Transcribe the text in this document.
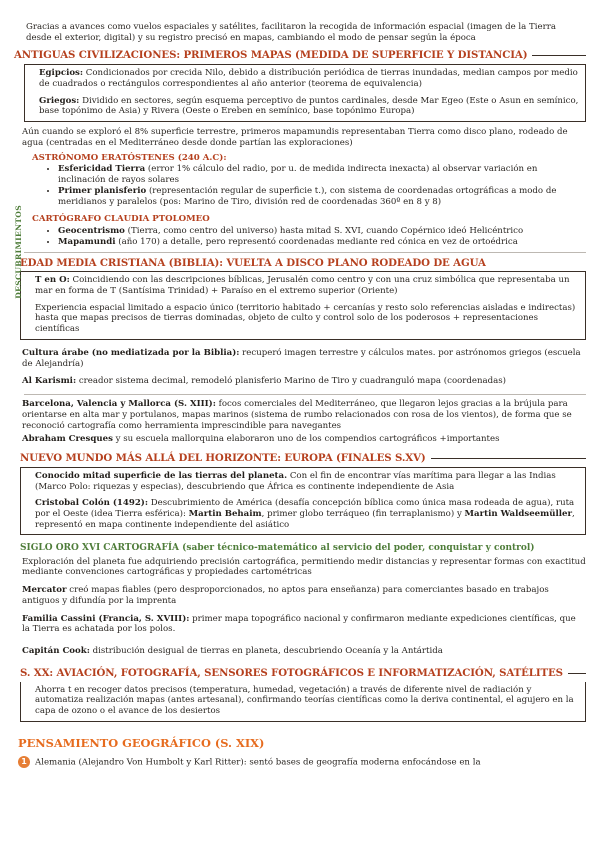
Gracias a avances como vuelos espaciales y satélites, facilitaron la recogida de información espacial (imagen de la Tierra desde el exterior, digital) y su registro precisó en mapas, cambiando el modo de pensar según la época

ANTIGUAS CIVILIZACIONES: PRIMEROS MAPAS (MEDIDA DE SUPERFICIE Y DISTANCIA)

Egipcios: Condicionados por crecida Nilo, debido a distribución periódica de tierras inundadas, median campos por medio de cuadrados o rectángulos correspondientes al año anterior (teorema de equivalencia)

Griegos: Dividido en sectores, según esquema perceptivo de puntos cardinales, desde Mar Egeo (Este o Asun en semínico, base topónimo de Asia) y Rivera (Oeste o Ereben en semínico, base topónimo Europa)

Aún cuando se exploró el 8% superficie terrestre, primeros mapamundis representaban Tierra como disco plano, rodeado de agua (centradas en el Mediterráneo desde donde partían las exploraciones)

DESCUBRIMIENTOS
ASTRÓNOMO ERATÓSTENES (240 A.C):
• Esfericidad Tierra (error 1% cálculo del radio, por u. de medida indirecta inexacta) al observar variación en inclinación de rayos solares
• Primer planisferio (representación regular de superficie t.), con sistema de coordenadas ortográficas a modo de meridianos y paralelos (pos: Marino de Tiro, división red de coordenadas 360º en 8 y 8)
CARTÓGRAFO CLAUDIA PTOLOMEO
• Geocentrismo (Tierra, como centro del universo) hasta mitad S. XVI, cuando Copérnico ideó Helicéntrico
• Mapamundi (año 170) a detalle, pero representó coordenadas mediante red cónica en vez de ortoédrica
EDAD MEDIA CRISTIANA (BIBLIA): VUELTA A DISCO PLANO RODEADO DE AGUA

T en O: Coincidiendo con las descripciones bíblicas, Jerusalén como centro y con una cruz simbólica que representaba un mar en forma de T (Santísima Trinidad) + Paraíso en el extremo superior (Oriente)

Experiencia espacial limitado a espacio único (territorio habitado + cercanías y resto solo referencias aisladas e indirectas) hasta que mapas precisos de tierras dominadas, objeto de culto y control solo de los poderosos + representaciones científicas

Cultura árabe (no mediatizada por la Biblia): recuperó imagen terrestre y cálculos mates. por astrónomos griegos (escuela de Alejandría)

Al Karismi: creador sistema decimal, remodeló planisferio Marino de Tiro y cuadranguló mapa (coordenadas)

Barcelona, Valencia y Mallorca (S. XIII): focos comerciales del Mediterráneo, que llegaron lejos gracias a la brújula para orientarse en alta mar y portulanos, mapas marinos (sistema de rumbo relacionados con rosa de los vientos), de forma que se reconoció cartografía como herramienta imprescindible para navegantes

Abraham Cresques y su escuela mallorquina elaboraron uno de los compendios cartográficos +importantes

NUEVO MUNDO MÁS ALLÁ DEL HORIZONTE: EUROPA (FINALES S.XV)

Conocido mitad superficie de las tierras del planeta. Con el fin de encontrar vías marítima para llegar a las Indias (Marco Polo: riquezas y especias), descubriendo que África es continente independiente de Asia

Cristobal Colón (1492): Descubrimiento de América (desafía concepción bíblica como única masa rodeada de agua), ruta por el Oeste (idea Tierra esférica): Martin Behaim, primer globo terráqueo (fin terraplanismo) y Martin Waldseemüller, representó en mapa continente independiente del asiático

SIGLO ORO XVI CARTOGRAFÍA (saber técnico-matemático al servicio del poder, conquistar y control)

Exploración del planeta fue adquiriendo precisión cartográfica, permitiendo medir distancias y representar formas con exactitud mediante convenciones cartográficas y propiedades cartométricas

Mercator creó mapas fiables (pero desproporcionados, no aptos para enseñanza) para comerciantes basado en trabajos antiguos y difundía por la imprenta

Familia Cassini (Francia, S. XVIII): primer mapa topográfico nacional y confirmaron mediante expediciones científicas, que la Tierra es achatada por los polos.

Capitán Cook: distribución desigual de tierras en planeta, descubriendo Oceanía y la Antártida

S. XX: AVIACIÓN, FOTOGRAFÍA, SENSORES FOTOGRÁFICOS E INFORMATIZACIÓN, SATÉLITES

Ahorra t en recoger datos precisos (temperatura, humedad, vegetación) a través de diferente nivel de radiación y automatiza realización mapas (antes artesanal), confirmando teorías científicas como la deriva continental, el agujero en la capa de ozono o el avance de los desiertos

PENSAMIENTO GEOGRÁFICO (S. XIX)

1 Alemania (Alejandro Von Humbolt y Karl Ritter): sentó bases de geografía moderna enfocándose en la
